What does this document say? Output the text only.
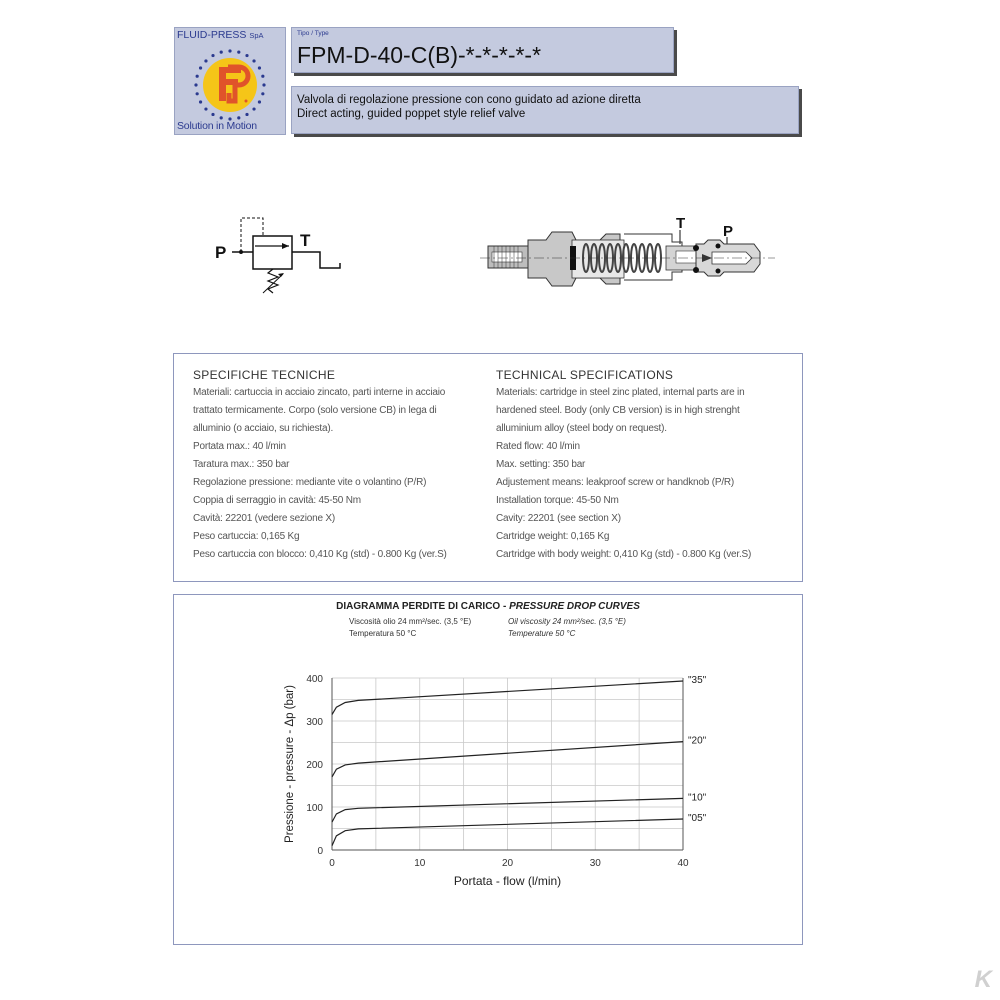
FLUID-PRESS SpA
Solution in Motion
Tipo / Type
FPM-D-40-C(B)-*-*-*-*-*
Valvola di regolazione pressione con cono guidato ad azione diretta
Direct acting, guided poppet style relief valve
P
T
T	P
SPECIFICHE TECNICHE
Materiali: cartuccia in acciaio zincato, parti interne in acciaio
trattato termicamente. Corpo (solo versione CB) in lega di
alluminio (o acciaio, su richiesta).
Portata max.: 40 l/min
Taratura max.: 350 bar
Regolazione pressione: mediante vite o volantino (P/R)
Coppia di serraggio in cavità: 45-50 Nm
Cavità: 22201 (vedere sezione X)
Peso cartuccia: 0,165 Kg
Peso cartuccia con blocco: 0,410 Kg (std) - 0.800 Kg (ver.S)
TECHNICAL SPECIFICATIONS
Materials: cartridge in steel zinc plated, internal parts are in
hardened steel. Body (only CB version) is in high strenght
alluminium alloy (steel body on request).
Rated flow: 40 l/min
Max. setting: 350 bar
Adjustement means: leakproof screw or handknob (P/R)
Installation torque: 45-50 Nm
Cavity: 22201 (see section X)
Cartridge weight: 0,165 Kg
Cartridge with body weight: 0,410 Kg (std) - 0.800 Kg (ver.S)
DIAGRAMMA PERDITE DI CARICO - PRESSURE DROP CURVES
Viscosità olio 24 mm²/sec. (3,5 °E)
Temperatura 50 °C
Oil viscosity 24 mm²/sec. (3,5 °E)
Temperature 50 °C
0	10	20	30	40
0
100
200
300
400
Portata - flow (l/min)
Pressione - pressure - Δp (bar)
"35"
"20"
"10"
"05"
K
